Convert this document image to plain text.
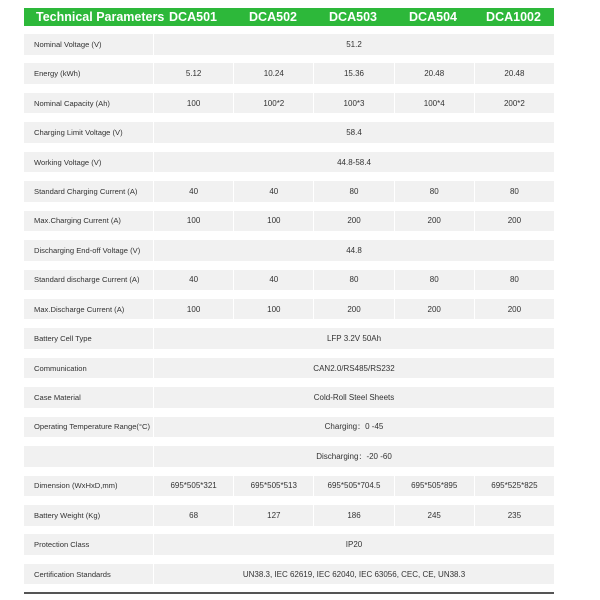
Technical Parameters DCA501	DCA502	DCA503	DCA504	DCA1002
Nominal Voltage (V)	51.2
Energy (kWh)	5.12	10.24	15.36	20.48	20.48
Nominal Capacity (Ah)	100	100*2	100*3	100*4	200*2
Charging Limit Voltage (V)	58.4
Working Voltage (V)	44.8-58.4
Standard Charging Current (A)	40	40	80	80	80
Max.Charging Current (A)	100	100	200	200	200
Discharging End-off Voltage (V)	44.8
Standard discharge Current (A)	40	40	80	80	80
Max.Discharge Current (A)	100	100	200	200	200
Battery Cell Type	LFP 3.2V 50Ah
Communication	CAN2.0/RS485/RS232
Case Material	Cold-Roll Steel Sheets
Operating Temperature Range(°C)	Charging：0 -45
Discharging：-20 -60
Dimension (WxHxD,mm)	695*505*321	695*505*513	695*505*704.5	695*505*895	695*525*825
Battery Weight (Kg)	68	127	186	245	235
Protection Class	IP20
Certification Standards	UN38.3, IEC 62619, IEC 62040, IEC 63056, CEC, CE, UN38.3
